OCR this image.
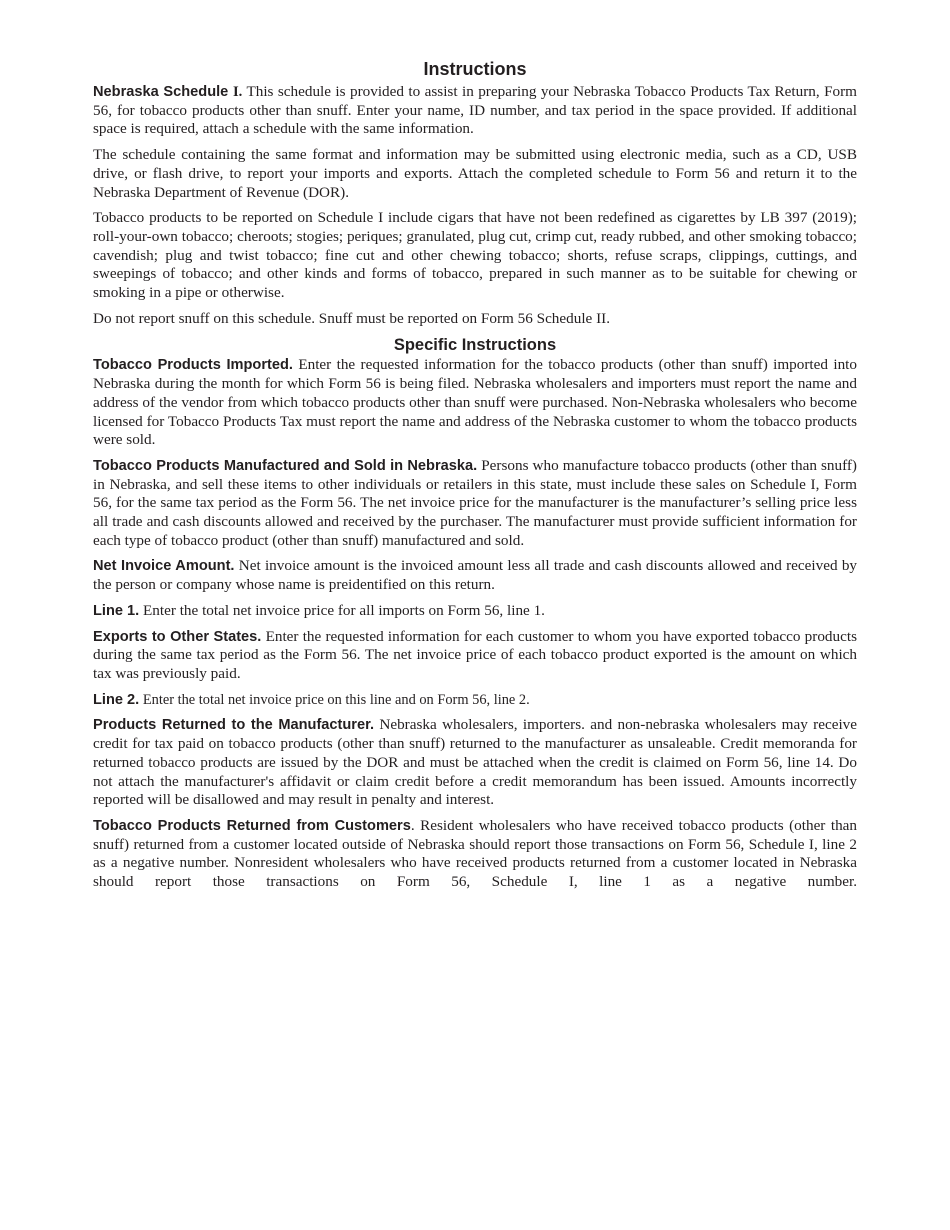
Instructions

Nebraska Schedule I. This schedule is provided to assist in preparing your Nebraska Tobacco Products Tax Return, Form 56, for tobacco products other than snuff. Enter your name, ID number, and tax period in the space provided. If additional space is required, attach a schedule with the same information.

The schedule containing the same format and information may be submitted using electronic media, such as a CD, USB drive, or flash drive, to report your imports and exports. Attach the completed schedule to Form 56 and return it to the Nebraska Department of Revenue (DOR).

Tobacco products to be reported on Schedule I include cigars that have not been redefined as cigarettes by LB 397 (2019); roll-your-own tobacco; cheroots; stogies; periques; granulated, plug cut, crimp cut, ready rubbed, and other smoking tobacco; cavendish; plug and twist tobacco; fine cut and other chewing tobacco; shorts, refuse scraps, clippings, cuttings, and sweepings of tobacco; and other kinds and forms of tobacco, prepared in such manner as to be suitable for chewing or smoking in a pipe or otherwise.

Do not report snuff on this schedule. Snuff must be reported on Form 56 Schedule II.

Specific Instructions

Tobacco Products Imported. Enter the requested information for the tobacco products (other than snuff) imported into Nebraska during the month for which Form 56 is being filed. Nebraska wholesalers and importers must report the name and address of the vendor from which tobacco products other than snuff were purchased. Non-Nebraska wholesalers who become licensed for Tobacco Products Tax must report the name and address of the Nebraska customer to whom the tobacco products were sold.

Tobacco Products Manufactured and Sold in Nebraska. Persons who manufacture tobacco products (other than snuff) in Nebraska, and sell these items to other individuals or retailers in this state, must include these sales on Schedule I, Form 56, for the same tax period as the Form 56. The net invoice price for the manufacturer is the manufacturer’s selling price less all trade and cash discounts allowed and received by the purchaser. The manufacturer must provide sufficient information for each type of tobacco product (other than snuff) manufactured and sold.

Net Invoice Amount. Net invoice amount is the invoiced amount less all trade and cash discounts allowed and received by the person or company whose name is preidentified on this return.

Line 1. Enter the total net invoice price for all imports on Form 56, line 1.

Exports to Other States. Enter the requested information for each customer to whom you have exported tobacco products during the same tax period as the Form 56. The net invoice price of each tobacco product exported is the amount on which tax was previously paid.

Line 2. Enter the total net invoice price on this line and on Form 56, line 2.

Products Returned to the Manufacturer. Nebraska wholesalers, importers. and non-nebraska wholesalers may receive credit for tax paid on tobacco products (other than snuff) returned to the manufacturer as unsaleable. Credit memoranda for returned tobacco products are issued by the DOR and must be attached when the credit is claimed on Form 56, line 14. Do not attach the manufacturer's affidavit or claim credit before a credit memorandum has been issued. Amounts incorrectly reported will be disallowed and may result in penalty and interest.

Tobacco Products Returned from Customers. Resident wholesalers who have received tobacco products (other than snuff) returned from a customer located outside of Nebraska should report those transactions on Form 56, Schedule I, line 2 as a negative number. Nonresident wholesalers who have received products returned from a customer located in Nebraska should report those transactions on Form 56, Schedule I, line 1 as a negative number.
